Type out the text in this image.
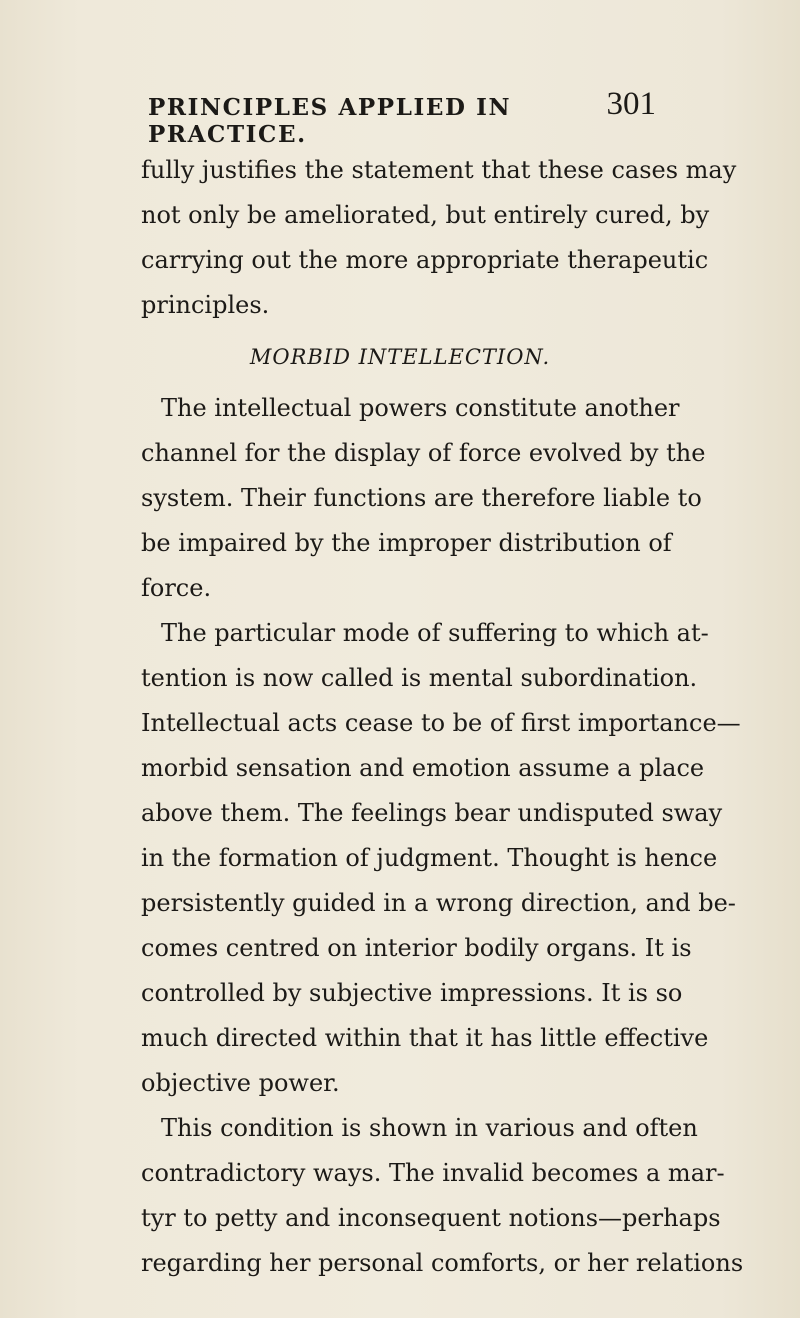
PRINCIPLES APPLIED IN PRACTICE.
301
fully justifies the statement that these cases may
not only be ameliorated, but entirely cured, by
carrying out the more appropriate therapeutic
principles.
MORBID INTELLECTION.
The intellectual powers constitute another
channel for the display of force evolved by the
system. Their functions are therefore liable to
be impaired by the improper distribution of
force.
The particular mode of suffering to which at-
tention is now called is mental subordination.
Intellectual acts cease to be of first importance—
morbid sensation and emotion assume a place
above them. The feelings bear undisputed sway
in the formation of judgment. Thought is hence
persistently guided in a wrong direction, and be-
comes centred on interior bodily organs. It is
controlled by subjective impressions. It is so
much directed within that it has little effective
objective power.
This condition is shown in various and often
contradictory ways. The invalid becomes a mar-
tyr to petty and inconsequent notions—perhaps
regarding her personal comforts, or her relations
